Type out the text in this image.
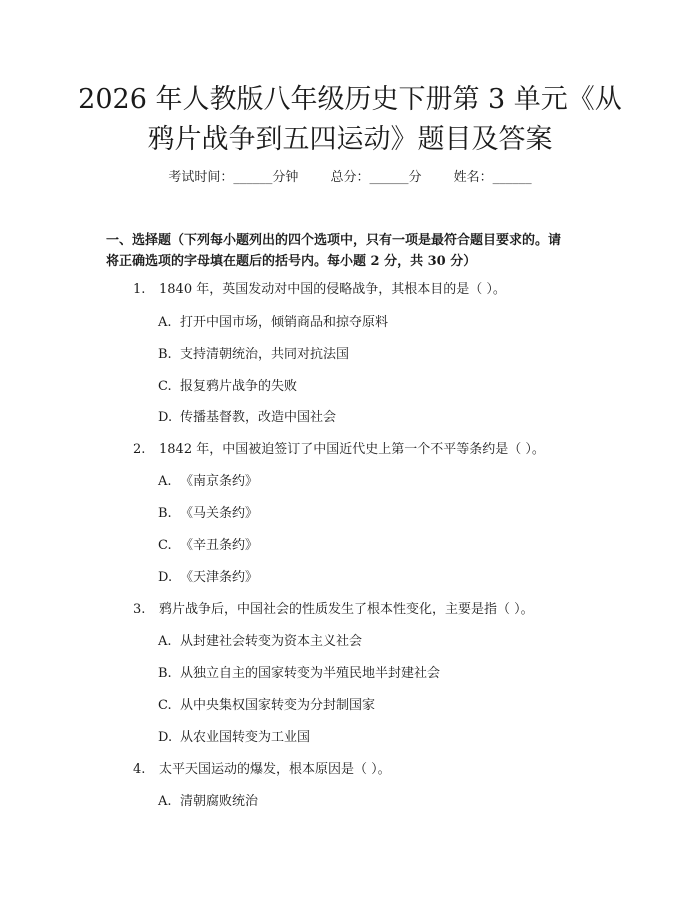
2026 年人教版八年级历史下册第 3 单元《从
鸦片战争到五四运动》题目及答案
考试时间：______分钟 总分：______分 姓名：______
一、选择题（下列每小题列出的四个选项中，只有一项是最符合题目要求的。请
将正确选项的字母填在题后的括号内。每小题 2 分，共 30 分）
1. 1840 年，英国发动对中国的侵略战争，其根本目的是（ ）。
A. 打开中国市场，倾销商品和掠夺原料
B. 支持清朝统治，共同对抗法国
C. 报复鸦片战争的失败
D. 传播基督教，改造中国社会
2. 1842 年，中国被迫签订了中国近代史上第一个不平等条约是（ ）。
A. 《南京条约》
B. 《马关条约》
C. 《辛丑条约》
D. 《天津条约》
3. 鸦片战争后，中国社会的性质发生了根本性变化，主要是指（ ）。
A. 从封建社会转变为资本主义社会
B. 从独立自主的国家转变为半殖民地半封建社会
C. 从中央集权国家转变为分封制国家
D. 从农业国转变为工业国
4. 太平天国运动的爆发，根本原因是（ ）。
A. 清朝腐败统治
